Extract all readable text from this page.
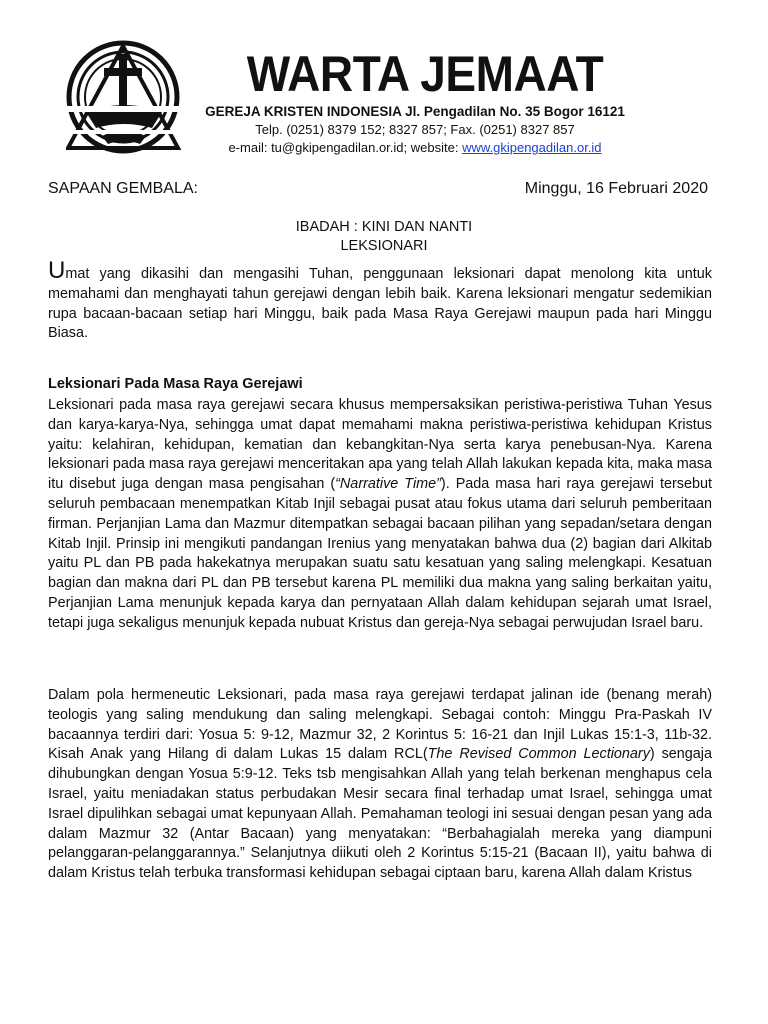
WARTA JEMAAT
GEREJA KRISTEN INDONESIA Jl. Pengadilan No. 35 Bogor 16121
Telp. (0251) 8379 152; 8327 857; Fax. (0251) 8327 857
e-mail: tu@gkipengadilan.or.id; website: www.gkipengadilan.or.id
SAPAAN GEMBALA:	Minggu, 16 Februari 2020
IBADAH : KINI DAN NANTI
LEKSIONARI
Umat yang dikasihi dan mengasihi Tuhan, penggunaan leksionari dapat menolong kita untuk memahami dan menghayati tahun gerejawi dengan lebih baik. Karena leksionari mengatur sedemikian rupa bacaan-bacaan setiap hari Minggu, baik pada Masa Raya Gerejawi maupun pada hari Minggu Biasa.
Leksionari Pada Masa Raya Gerejawi
Leksionari pada masa raya gerejawi secara khusus mempersaksikan peristiwa-peristiwa Tuhan Yesus dan karya-karya-Nya, sehingga umat dapat memahami makna peristiwa-peristiwa kehidupan Kristus yaitu: kelahiran, kehidupan, kematian dan kebangkitan-Nya serta karya penebusan-Nya. Karena leksionari pada masa raya gerejawi menceritakan apa yang telah Allah lakukan kepada kita, maka masa itu disebut juga dengan masa pengisahan (“Narrative Time”). Pada masa hari raya gerejawi tersebut seluruh pembacaan menempatkan Kitab Injil sebagai pusat atau fokus utama dari seluruh pemberitaan firman. Perjanjian Lama dan Mazmur ditempatkan sebagai bacaan pilihan yang sepadan/setara dengan Kitab Injil. Prinsip ini mengikuti pandangan Irenius yang menyatakan bahwa dua (2) bagian dari Alkitab yaitu PL dan PB pada hakekatnya merupakan suatu satu kesatuan yang saling melengkapi. Kesatuan bagian dan makna dari PL dan PB tersebut karena PL memiliki dua makna yang saling berkaitan yaitu, Perjanjian Lama menunjuk kepada karya dan pernyataan Allah dalam kehidupan sejarah umat Israel, tetapi juga sekaligus menunjuk kepada nubuat Kristus dan gereja-Nya sebagai perwujudan Israel baru.
Dalam pola hermeneutic Leksionari, pada masa raya gerejawi terdapat jalinan ide (benang merah) teologis yang saling mendukung dan saling melengkapi. Sebagai contoh: Minggu Pra-Paskah IV bacaannya terdiri dari: Yosua 5: 9-12, Mazmur 32, 2 Korintus 5: 16-21 dan Injil Lukas 15:1-3, 11b-32. Kisah Anak yang Hilang di dalam Lukas 15 dalam RCL(The Revised Common Lectionary) sengaja dihubungkan dengan Yosua 5:9-12. Teks tsb mengisahkan Allah yang telah berkenan menghapus cela Israel, yaitu meniadakan status perbudakan Mesir secara final terhadap umat Israel, sehingga umat Israel dipulihkan sebagai umat kepunyaan Allah. Pemahaman teologi ini sesuai dengan pesan yang ada dalam Mazmur 32 (Antar Bacaan) yang menyatakan: “Berbahagialah mereka yang diampuni pelanggaran-pelanggarannya.” Selanjutnya diikuti oleh 2 Korintus 5:15-21 (Bacaan II), yaitu bahwa di dalam Kristus telah terbuka transformasi kehidupan sebagai ciptaan baru, karena Allah dalam Kristus
